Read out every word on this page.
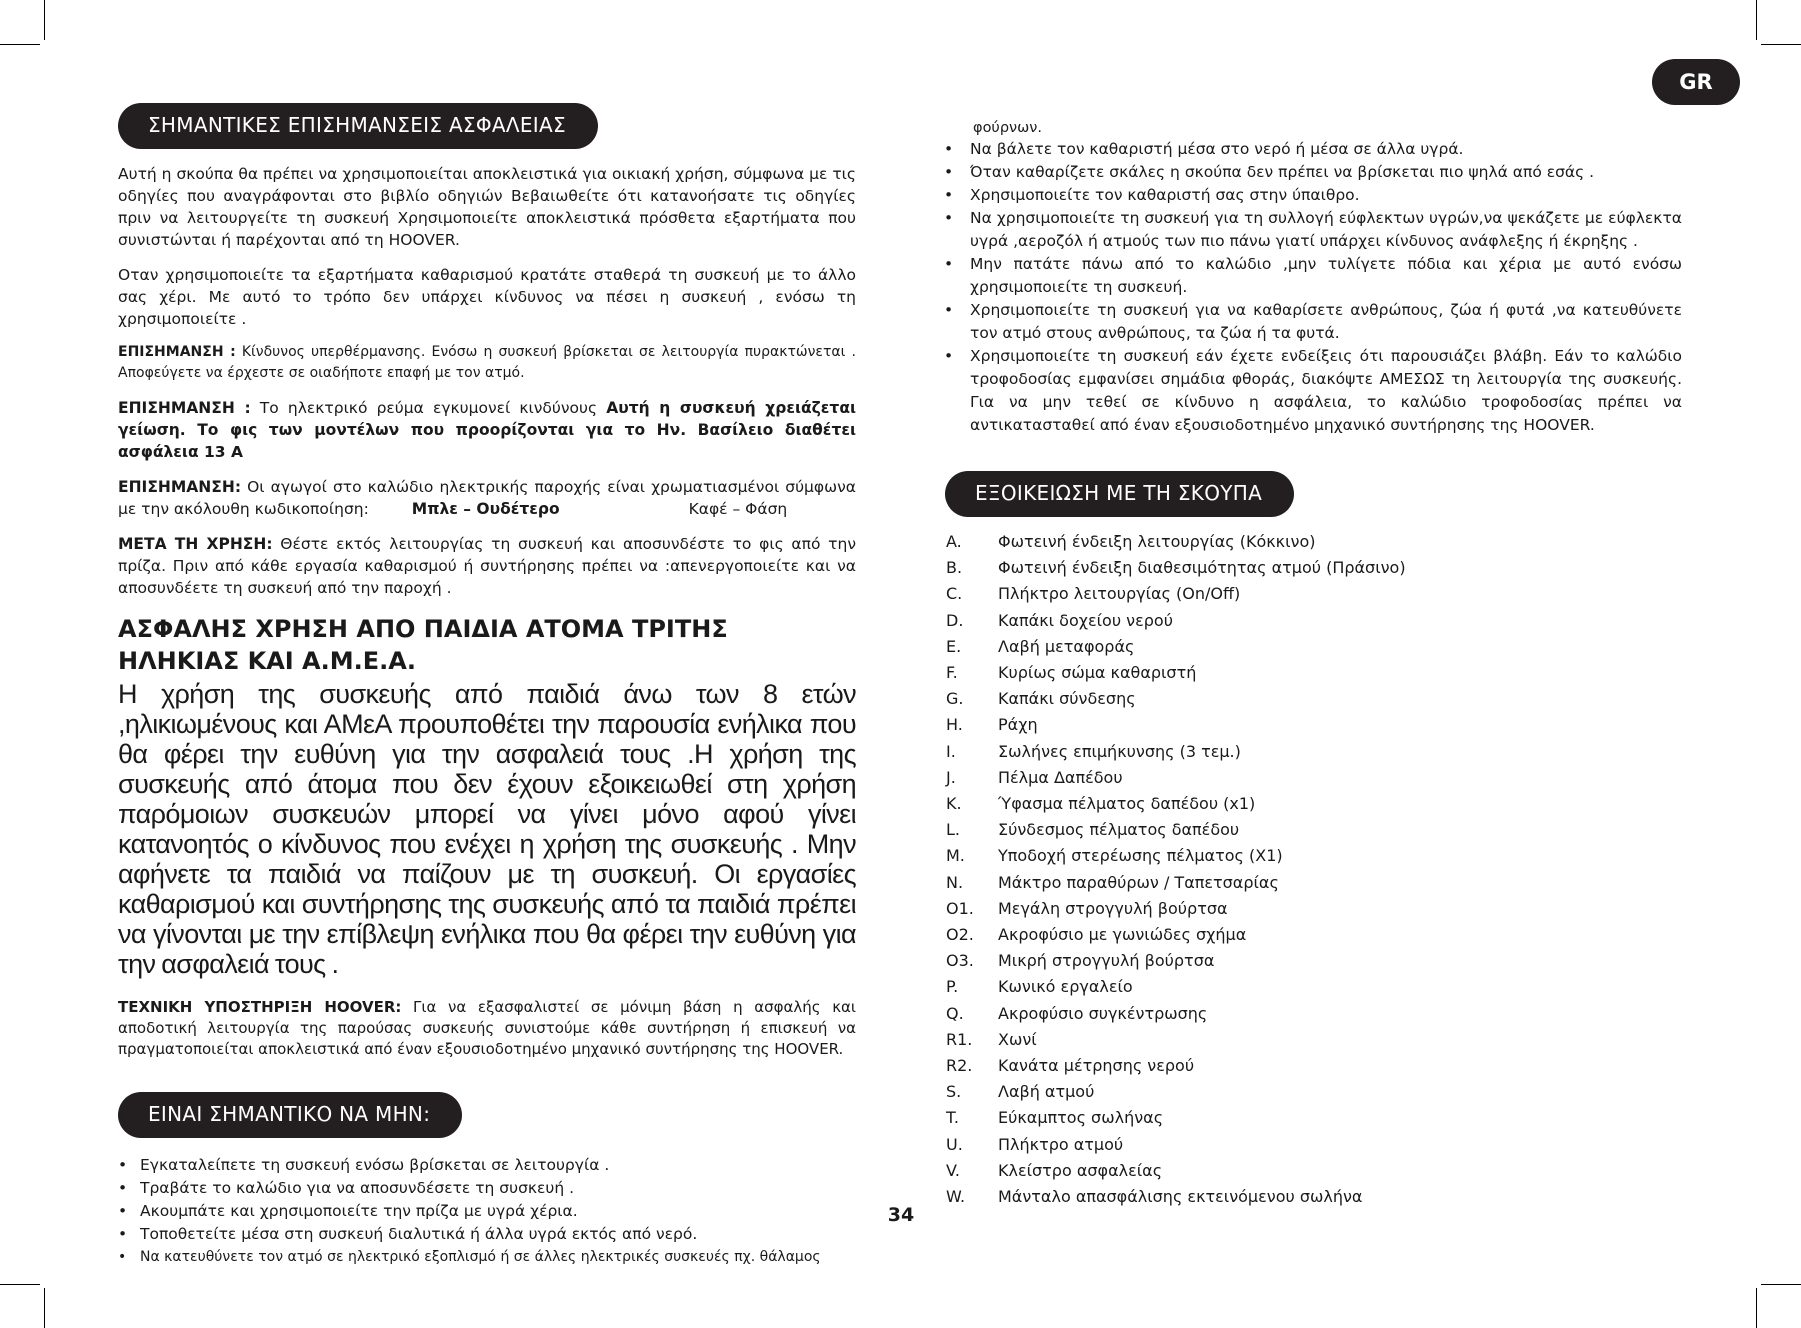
GR
ΣΗΜΑΝΤΙΚΕΣ ΕΠΙΣΗΜΑΝΣΕΙΣ ΑΣΦΑΛΕΙΑΣ

Αυτή η σκούπα θα πρέπει να χρησιμοποιείται αποκλειστικά για οικιακή χρήση, σύμφωνα με τις οδηγίες που αναγράφονται στο βιβλίο οδηγιών Βεβαιωθείτε ότι κατανοήσατε τις οδηγίες πριν να λειτουργείτε τη συσκευή Χρησιμοποιείτε αποκλειστικά πρόσθετα εξαρτήματα που συνιστώνται ή παρέχονται από τη HOOVER.

Οταν χρησιμοποιείτε τα εξαρτήματα καθαρισμού κρατάτε σταθερά τη συσκευή με το άλλο σας χέρι. Με αυτό το τρόπο δεν υπάρχει κίνδυνος να πέσει η συσκευή , ενόσω τη χρησιμοποιείτε .

ΕΠΙΣΗΜΑΝΣΗ : Κίνδυνος υπερθέρμανσης. Ενόσω η συσκευή βρίσκεται σε λειτουργία πυρακτώνεται . Αποφεύγετε να έρχεστε σε οιαδήποτε επαφή με τον ατμό.

ΕΠΙΣΗΜΑΝΣΗ : Το ηλεκτρικό ρεύμα εγκυμονεί κινδύνους Αυτή η συσκευή χρειάζεται γείωση. Το φις των μοντέλων που προορίζονται για το Ην. Βασίλειο διαθέτει ασφάλεια 13 A

ΕΠΙΣΗΜΑΝΣΗ: Οι αγωγοί στο καλώδιο ηλεκτρικής παροχής είναι χρωματιασμένοι σύμφωνα με την ακόλουθη κωδικοποίηση:	Μπλε – Ουδέτερο	Καφέ – Φάση

ΜΕΤΑ ΤΗ ΧΡΗΣΗ: Θέστε εκτός λειτουργίας τη συσκευή και αποσυνδέστε το φις από την πρίζα. Πριν από κάθε εργασία καθαρισμού ή συντήρησης πρέπει να :απενεργοποιείτε και να αποσυνδέετε τη συσκευή από την παροχή .

ΑΣΦΑΛΗΣ ΧΡΗΣΗ ΑΠΟ ΠΑΙΔΙΑ ΑΤΟΜΑ ΤΡΙΤΗΣ ΗΛΗΚΙΑΣ ΚΑΙ Α.Μ.Ε.Α.

Η χρήση της συσκευής από παιδιά άνω των 8 ετών ,ηλικιωμένους και ΑΜεΑ προυποθέτει την παρουσία ενήλικα που θα φέρει την ευθύνη για την ασφαλειά τους .Η χρήση της συσκευής από άτομα που δεν έχουν εξοικειωθεί στη χρήση παρόμοιων συσκευών μπορεί να γίνει μόνο αφού γίνει κατανοητός ο κίνδυνος που ενέχει η χρήση της συσκευής . Μην αφήνετε τα παιδιά να παίζουν με τη συσκευή. Οι εργασίες καθαρισμού και συντήρησης της συσκευής από τα παιδιά πρέπει να γίνονται με την επίβλεψη ενήλικα που θα φέρει την ευθύνη για την ασφαλειά τους .

ΤΕΧΝΙΚΗ ΥΠΟΣΤΗΡΙΞΗ HOOVER: Για να εξασφαλιστεί σε μόνιμη βάση η ασφαλής και αποδοτική λειτουργία της παρούσας συσκευής συνιστούμε κάθε συντήρηση ή επισκευή να πραγματοποιείται αποκλειστικά από έναν εξουσιοδοτημένο μηχανικό συντήρησης της HOOVER.

ΕΙΝΑΙ ΣΗΜΑΝΤΙΚΟ ΝΑ ΜΗΝ:
• Εγκαταλείπετε τη συσκευή ενόσω βρίσκεται σε λειτουργία .
• Τραβάτε το καλώδιο για να αποσυνδέσετε τη συσκευή .
• Ακουμπάτε και χρησιμοποιείτε την πρίζα με υγρά χέρια.
• Τοποθετείτε μέσα στη συσκευή διαλυτικά ή άλλα υγρά εκτός από νερό.
• Να κατευθύνετε τον ατμό σε ηλεκτρικό εξοπλισμό ή σε άλλες ηλεκτρικές συσκευές πχ. θάλαμος
φούρνων.
• Να βάλετε τον καθαριστή μέσα στο νερό ή μέσα σε άλλα υγρά.
• Όταν καθαρίζετε σκάλες η σκούπα δεν πρέπει να βρίσκεται πιο ψηλά από εσάς .
• Χρησιμοποιείτε τον καθαριστή σας στην ύπαιθρο.
• Να χρησιμοποιείτε τη συσκευή για τη συλλογή εύφλεκτων υγρών,να ψεκάζετε με εύφλεκτα υγρά ,αεροζόλ ή ατμούς των πιο πάνω γιατί υπάρχει κίνδυνος ανάφλεξης ή έκρηξης .
• Μην πατάτε πάνω από το καλώδιο ,μην τυλίγετε πόδια και χέρια με αυτό ενόσω χρησιμοποιείτε τη συσκευή.
• Χρησιμοποιείτε τη συσκευή για να καθαρίσετε ανθρώπους, ζώα ή φυτά ,να κατευθύνετε τον ατμό στους ανθρώπους, τα ζώα ή τα φυτά.
• Χρησιμοποιείτε τη συσκευή εάν έχετε ενδείξεις ότι παρουσιάζει βλάβη. Εάν το καλώδιο τροφοδοσίας εμφανίσει σημάδια φθοράς, διακόψτε ΑΜΕΣΩΣ τη λειτουργία της συσκευής. Για να μην τεθεί σε κίνδυνο η ασφάλεια, το καλώδιο τροφοδοσίας πρέπει να αντικατασταθεί από έναν εξουσιοδοτημένο μηχανικό συντήρησης της HOOVER.
ΕΞΟΙΚΕΙΩΣΗ ΜΕ ΤΗ ΣΚΟΥΠΑ
A. Φωτεινή ένδειξη λειτουργίας (Κόκκινο)
B. Φωτεινή ένδειξη διαθεσιμότητας ατμού (Πράσινο)
C. Πλήκτρο λειτουργίας (On/Off)
D. Καπάκι δοχείου νερού
E. Λαβή μεταφοράς
F.	Κυρίως σώμα καθαριστή
G. Καπάκι σύνδεσης
H. Ράχη
I.	Σωλήνες επιμήκυνσης (3 τεμ.)
J.	Πέλμα Δαπέδου
K. Ύφασμα πέλματος δαπέδου (x1)
L. Σύνδεσμος πέλματος δαπέδου
M. Υποδοχή στερέωσης πέλματος (X1)
N. Μάκτρο παραθύρων / Ταπετσαρίας
O1. Μεγάλη στρογγυλή βούρτσα
O2. Ακροφύσιο με γωνιώδες σχήμα
O3. Μικρή στρογγυλή βούρτσα
P. Κωνικό εργαλείο
Q. Ακροφύσιο συγκέντρωσης
R1. Χωνί
R2. Κανάτα μέτρησης νερού
S. Λαβή ατμού
T. Εύκαμπτος σωλήνας
U. Πλήκτρο ατμού
V. Κλείστρο ασφαλείας
W. Μάνταλο απασφάλισης εκτεινόμενου σωλήνα
34
